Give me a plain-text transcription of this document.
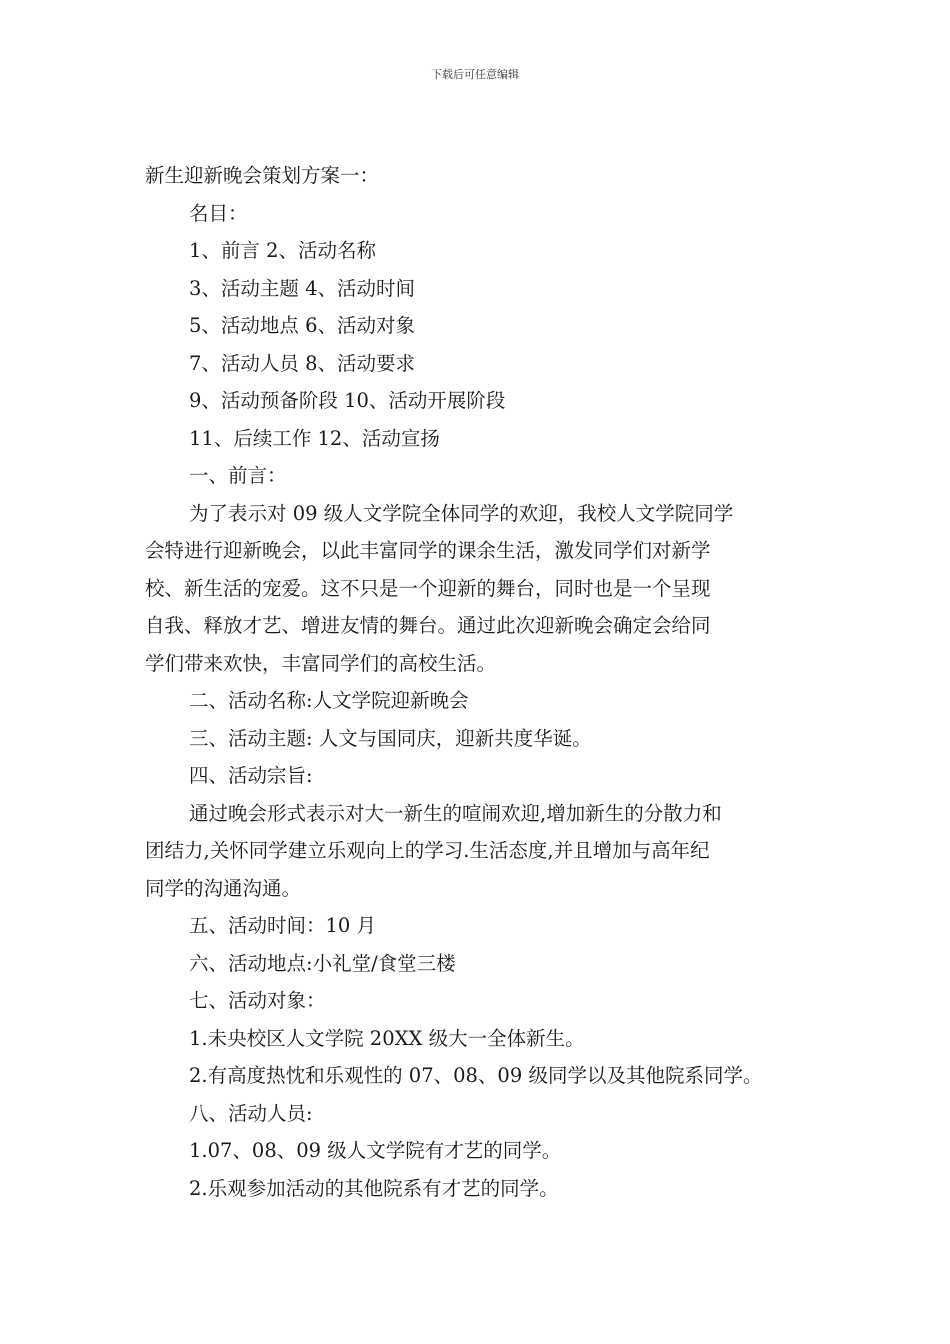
下载后可任意编辑
新生迎新晚会策划方案一：
名目：
1、前言 2、活动名称
3、活动主题 4、活动时间
5、活动地点 6、活动对象
7、活动人员 8、活动要求
9、活动预备阶段 10、活动开展阶段
11、后续工作 12、活动宣扬
一、前言：
为了表示对 09 级人文学院全体同学的欢迎，我校人文学院同学
会特进行迎新晚会，以此丰富同学的课余生活，激发同学们对新学
校、新生活的宠爱。这不只是一个迎新的舞台，同时也是一个呈现
自我、释放才艺、增进友情的舞台。通过此次迎新晚会确定会给同
学们带来欢快，丰富同学们的高校生活。
二、活动名称:人文学院迎新晚会
三、活动主题: 人文与国同庆，迎新共度华诞。
四、活动宗旨:
通过晚会形式表示对大一新生的喧闹欢迎,增加新生的分散力和
团结力,关怀同学建立乐观向上的学习.生活态度,并且增加与高年纪
同学的沟通沟通。
五、活动时间：10 月
六、活动地点:小礼堂/食堂三楼
七、活动对象：
1.未央校区人文学院 20XX 级大一全体新生。
2.有高度热忱和乐观性的 07、08、09 级同学以及其他院系同学。
八、活动人员:
1.07、08、09 级人文学院有才艺的同学。
2.乐观参加活动的其他院系有才艺的同学。
